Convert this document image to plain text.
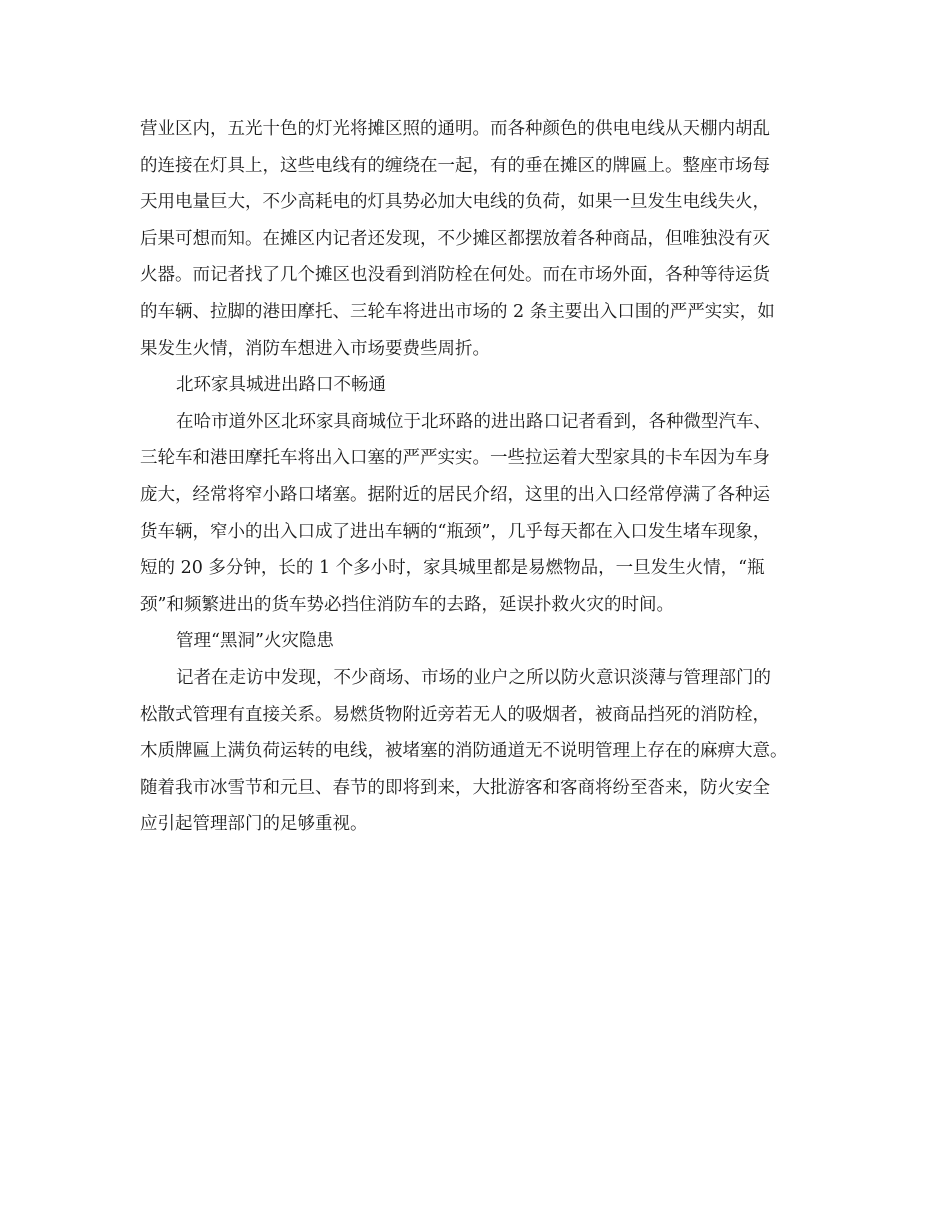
营业区内，五光十色的灯光将摊区照的通明。而各种颜色的供电电线从天棚内胡乱
的连接在灯具上，这些电线有的缠绕在一起，有的垂在摊区的牌匾上。整座市场每
天用电量巨大，不少高耗电的灯具势必加大电线的负荷，如果一旦发生电线失火，
后果可想而知。在摊区内记者还发现，不少摊区都摆放着各种商品，但唯独没有灭
火器。而记者找了几个摊区也没看到消防栓在何处。而在市场外面，各种等待运货
的车辆、拉脚的港田摩托、三轮车将进出市场的 2 条主要出入口围的严严实实，如
果发生火情，消防车想进入市场要费些周折。
北环家具城进出路口不畅通
在哈市道外区北环家具商城位于北环路的进出路口记者看到，各种微型汽车、
三轮车和港田摩托车将出入口塞的严严实实。一些拉运着大型家具的卡车因为车身
庞大，经常将窄小路口堵塞。据附近的居民介绍，这里的出入口经常停满了各种运
货车辆，窄小的出入口成了进出车辆的“瓶颈”，几乎每天都在入口发生堵车现象，
短的 20 多分钟，长的 1 个多小时，家具城里都是易燃物品，一旦发生火情，“瓶
颈”和频繁进出的货车势必挡住消防车的去路，延误扑救火灾的时间。
管理“黑洞”火灾隐患
记者在走访中发现，不少商场、市场的业户之所以防火意识淡薄与管理部门的
松散式管理有直接关系。易燃货物附近旁若无人的吸烟者，被商品挡死的消防栓，
木质牌匾上满负荷运转的电线，被堵塞的消防通道无不说明管理上存在的麻痹大意。
随着我市冰雪节和元旦、春节的即将到来，大批游客和客商将纷至沓来，防火安全
应引起管理部门的足够重视。
